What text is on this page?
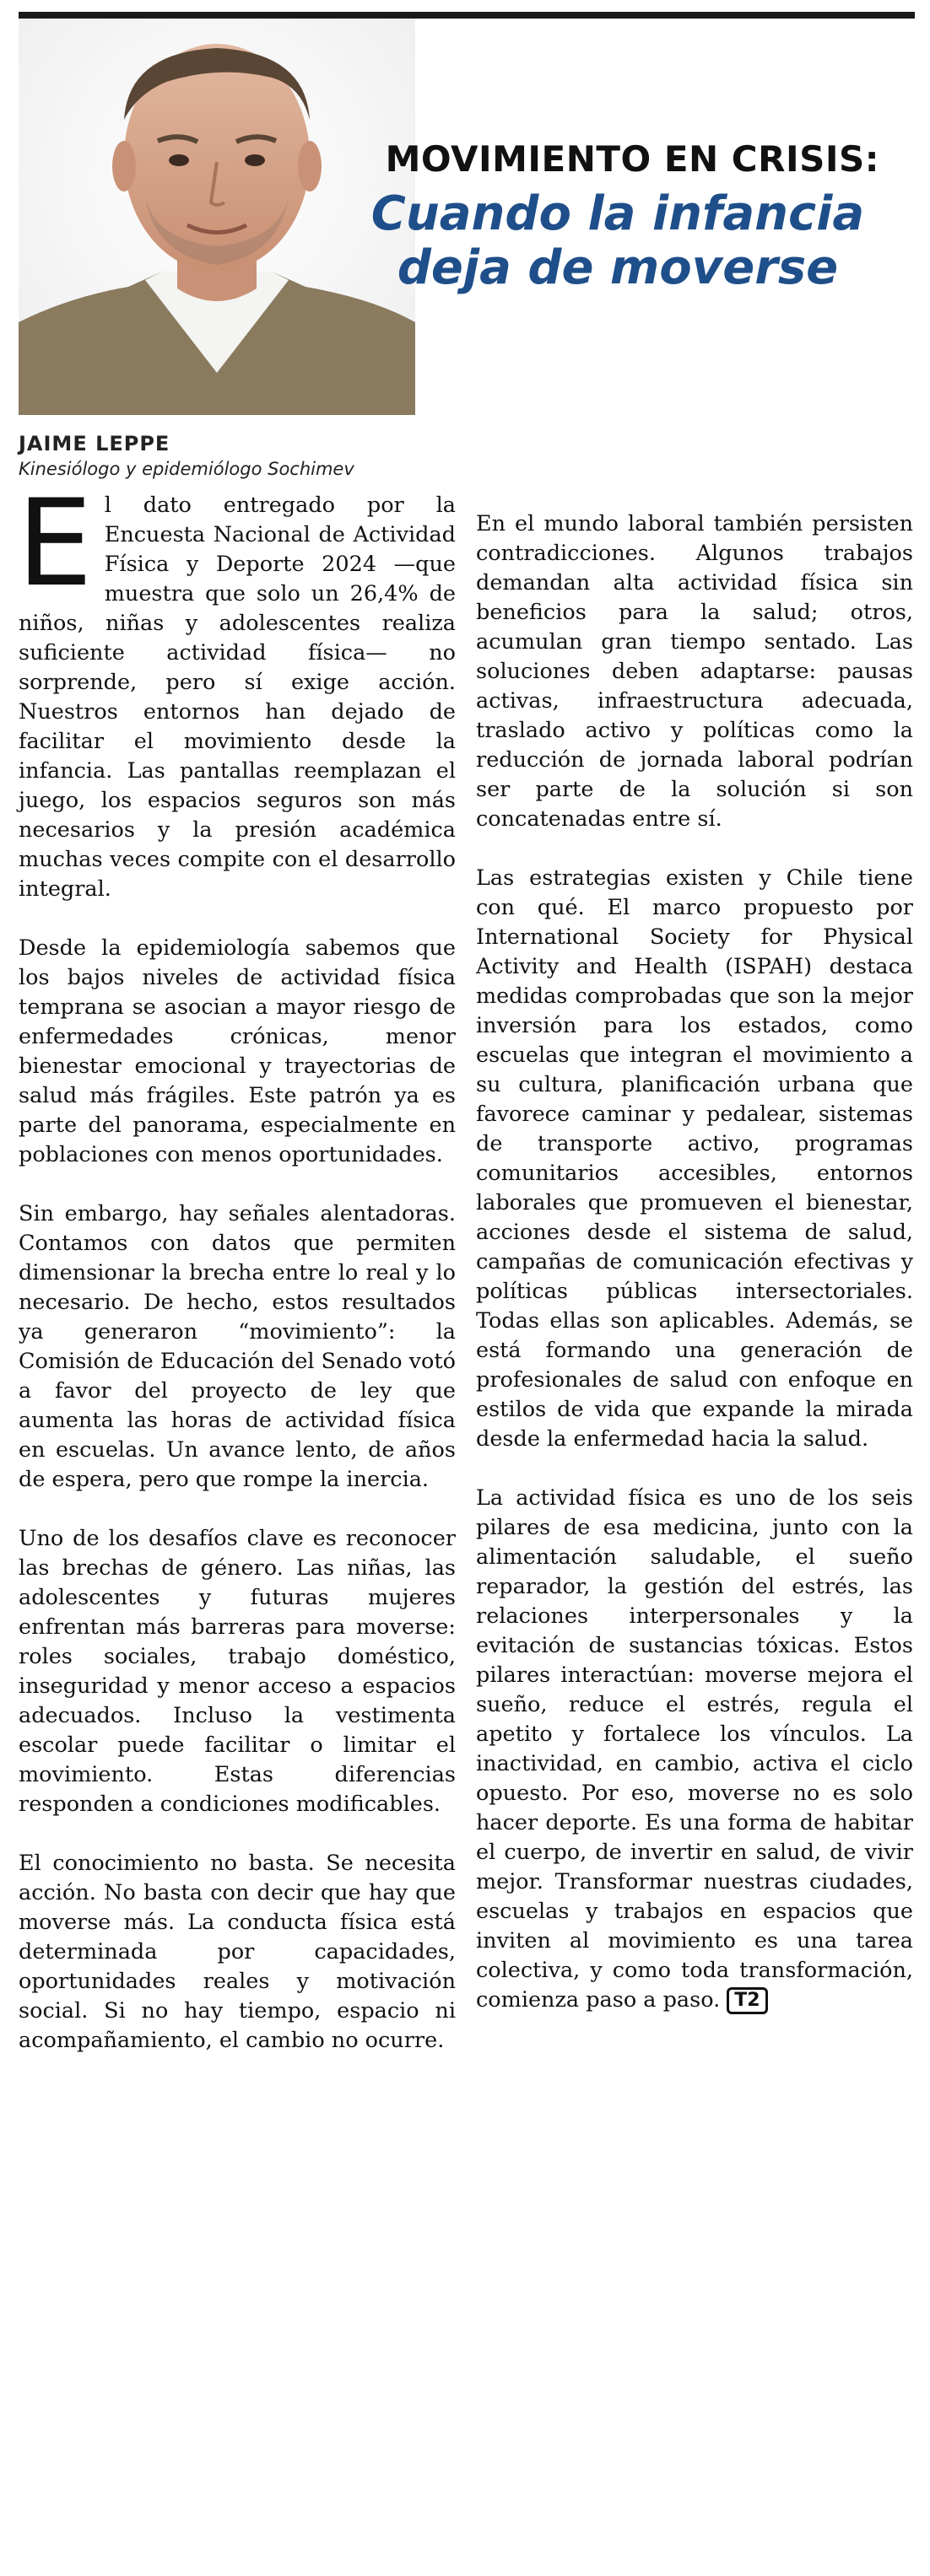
MOVIMIENTO EN CRISIS:
Cuando la infancia
deja de moverse
JAIME LEPPE
Kinesiólogo y epidemiólogo Sochimev

El dato entregado por la Encuesta Nacional de Actividad Física y Deporte 2024 —que muestra que solo un 26,4% de niños, niñas y adolescentes realiza suficiente actividad física— no sorprende, pero sí exige acción. Nuestros entornos han dejado de facilitar el movimiento desde la infancia. Las pantallas reemplazan el juego, los espacios seguros son más necesarios y la presión académica muchas veces compite con el desarrollo integral.

Desde la epidemiología sabemos que los bajos niveles de actividad física temprana se asocian a mayor riesgo de enfermedades crónicas, menor bienestar emocional y trayectorias de salud más frágiles. Este patrón ya es parte del panorama, especialmente en poblaciones con menos oportunidades.

Sin embargo, hay señales alentadoras. Contamos con datos que permiten dimensionar la brecha entre lo real y lo necesario. De hecho, estos resultados ya generaron “movimiento”: la Comisión de Educación del Senado votó a favor del proyecto de ley que aumenta las horas de actividad física en escuelas. Un avance lento, de años de espera, pero que rompe la inercia.

Uno de los desafíos clave es reconocer las brechas de género. Las niñas, las adolescentes y futuras mujeres enfrentan más barreras para moverse: roles sociales, trabajo doméstico, inseguridad y menor acceso a espacios adecuados. Incluso la vestimenta escolar puede facilitar o limitar el movimiento. Estas diferencias responden a condiciones modificables.

El conocimiento no basta. Se necesita acción. No basta con decir que hay que moverse más. La conducta física está determinada por capacidades, oportunidades reales y motivación social. Si no hay tiempo, espacio ni acompañamiento, el cambio no ocurre.

En el mundo laboral también persisten contradicciones. Algunos trabajos demandan alta actividad física sin beneficios para la salud; otros, acumulan gran tiempo sentado. Las soluciones deben adaptarse: pausas activas, infraestructura adecuada, traslado activo y políticas como la reducción de jornada laboral podrían ser parte de la solución si son concatenadas entre sí.

Las estrategias existen y Chile tiene con qué. El marco propuesto por International Society for Physical Activity and Health (ISPAH) destaca medidas comprobadas que son la mejor inversión para los estados, como escuelas que integran el movimiento a su cultura, planificación urbana que favorece caminar y pedalear, sistemas de transporte activo, programas comunitarios accesibles, entornos laborales que promueven el bienestar, acciones desde el sistema de salud, campañas de comunicación efectivas y políticas públicas intersectoriales. Todas ellas son aplicables. Además, se está formando una generación de profesionales de salud con enfoque en estilos de vida que expande la mirada desde la enfermedad hacia la salud.

La actividad física es uno de los seis pilares de esa medicina, junto con la alimentación saludable, el sueño reparador, la gestión del estrés, las relaciones interpersonales y la evitación de sustancias tóxicas. Estos pilares interactúan: moverse mejora el sueño, reduce el estrés, regula el apetito y fortalece los vínculos. La inactividad, en cambio, activa el ciclo opuesto. Por eso, moverse no es solo hacer deporte. Es una forma de habitar el cuerpo, de invertir en salud, de vivir mejor. Transformar nuestras ciudades, escuelas y trabajos en espacios que inviten al movimiento es una tarea colectiva, y como toda transformación, comienza paso a paso. T2
